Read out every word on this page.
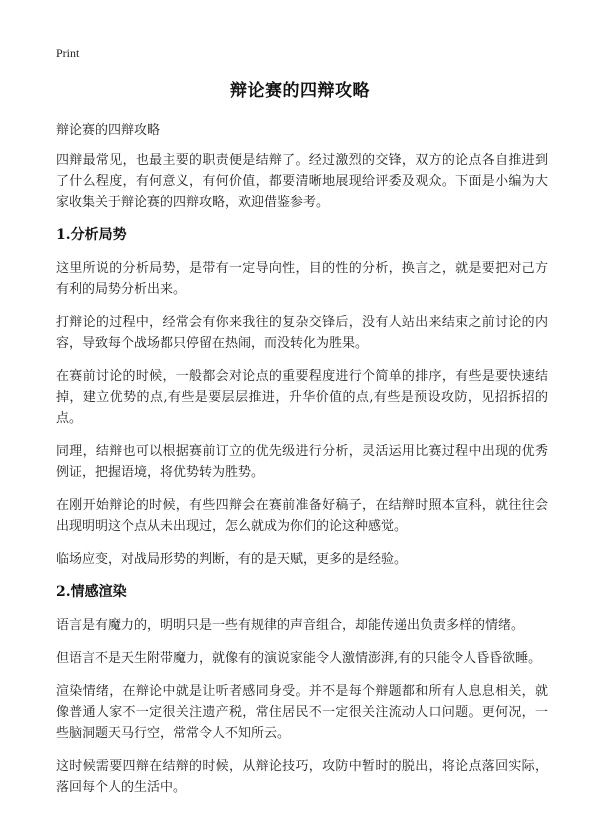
Print
辩论赛的四辩攻略
辩论赛的四辩攻略

四辩最常见，也最主要的职责便是结辩了。经过激烈的交锋，双方的论点各自推进到了什么程度，有何意义，有何价值，都要清晰地展现给评委及观众。下面是小编为大家收集关于辩论赛的四辩攻略，欢迎借鉴参考。

1.分析局势

这里所说的分析局势，是带有一定导向性，目的性的分析，换言之，就是要把对己方有利的局势分析出来。

打辩论的过程中，经常会有你来我往的复杂交锋后，没有人站出来结束之前讨论的内容，导致每个战场都只停留在热闹，而没转化为胜果。

在赛前讨论的时候，一般都会对论点的重要程度进行个简单的排序，有些是要快速结掉，建立优势的点,有些是要层层推进，升华价值的点,有些是预设攻防，见招拆招的点。

同理，结辩也可以根据赛前订立的优先级进行分析，灵活运用比赛过程中出现的优秀例证，把握语境，将优势转为胜势。

在刚开始辩论的时候，有些四辩会在赛前准备好稿子，在结辩时照本宣科，就往往会出现明明这个点从未出现过，怎么就成为你们的论这种感觉。

临场应变，对战局形势的判断，有的是天赋，更多的是经验。

2.情感渲染

语言是有魔力的，明明只是一些有规律的声音组合，却能传递出负责多样的情绪。

但语言不是天生附带魔力，就像有的演说家能令人激情澎湃,有的只能令人昏昏欲睡。

渲染情绪，在辩论中就是让听者感同身受。并不是每个辩题都和所有人息息相关，就像普通人家不一定很关注遗产税，常住居民不一定很关注流动人口问题。更何况，一些脑洞题天马行空，常常令人不知所云。

这时候需要四辩在结辩的时候，从辩论技巧，攻防中暂时的脱出，将论点落回实际，落回每个人的生活中。
